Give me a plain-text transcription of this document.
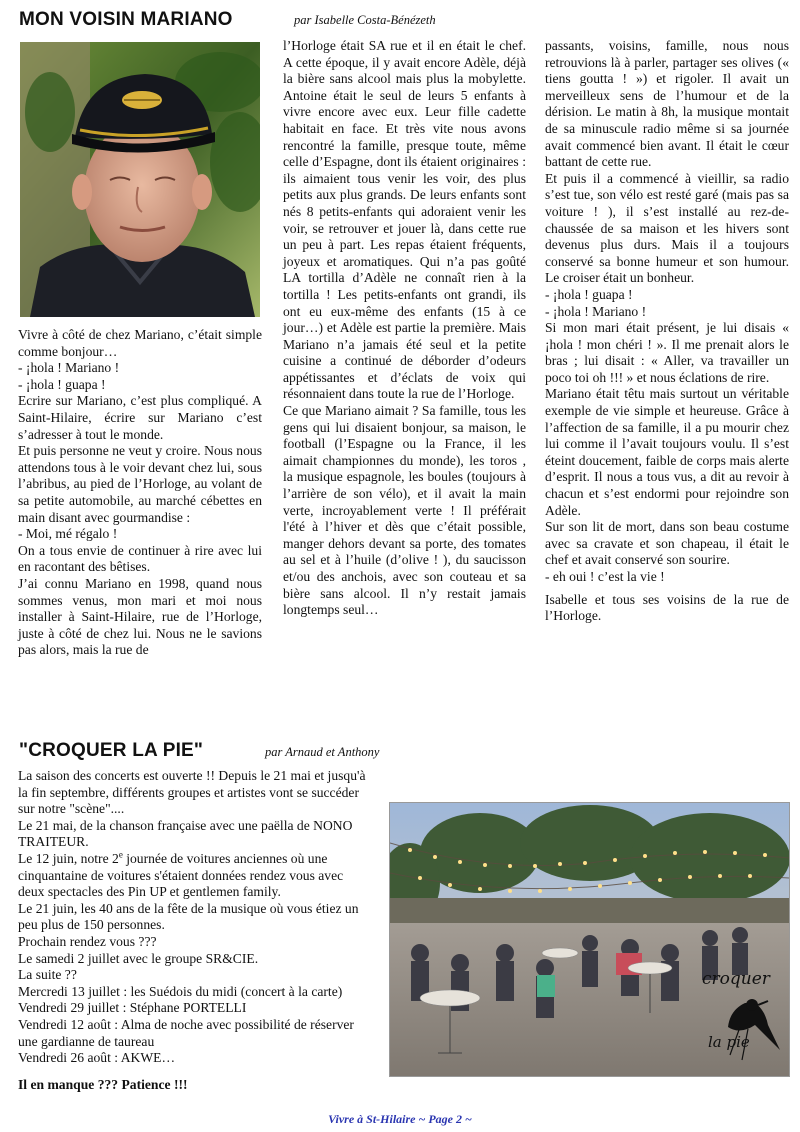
MON VOISIN MARIANO	par Isabelle Costa-Bénézeth

Vivre à côté de chez Mariano, c’était simple comme bonjour…

- ¡hola ! Mariano !

- ¡hola ! guapa !

Ecrire sur Mariano, c’est plus compliqué. A Saint-Hilaire, écrire sur Mariano c’est s’adresser à tout le monde.

Et puis personne ne veut y croire. Nous nous attendons tous à le voir devant chez lui, sous l’abribus, au pied de l’Horloge, au volant de sa petite automobile, au marché cébettes en main disant avec gourmandise :

- Moi, mé régalo !

On a tous envie de continuer à rire avec lui en racontant des bêtises.

J’ai connu Mariano en 1998, quand nous sommes venus, mon mari et moi nous installer à Saint-Hilaire, rue de l’Horloge, juste à côté de chez lui. Nous ne le savions pas alors, mais la rue de

l’Horloge était SA rue et il en était le chef. A cette époque, il y avait encore Adèle, déjà la bière sans alcool mais plus la mobylette. Antoine était le seul de leurs 5 enfants à vivre encore avec eux. Leur fille cadette habitait en face. Et très vite nous avons rencontré la famille, presque toute, même celle d’Espagne, dont ils étaient originaires : ils aimaient tous venir les voir, des plus petits aux plus grands. De leurs enfants sont nés 8 petits-enfants qui adoraient venir les voir, se retrouver et jouer là, dans cette rue un peu à part. Les repas étaient fréquents, joyeux et aromatiques. Qui n’a pas goûté LA tortilla d’Adèle ne connaît rien à la tortilla ! Les petits-enfants ont grandi, ils ont eu eux-même des enfants (15 à ce jour…) et Adèle est partie la première. Mais Mariano n’a jamais été seul et la petite cuisine a continué de déborder d’odeurs appétissantes et d’éclats de voix qui résonnaient dans toute la rue de l’Horloge.

Ce que Mariano aimait ? Sa famille, tous les gens qui lui disaient bonjour, sa maison, le football (l’Espagne ou la France, il les aimait championnes du monde), les toros , la musique espagnole, les boules (toujours à l’arrière de son vélo), et il avait la main verte, incroyablement verte ! Il préférait l'été à l’hiver et dès que c’était possible, manger dehors devant sa porte, des tomates au sel et à l’huile (d’olive ! ), du saucisson et/ou des anchois, avec son couteau et sa bière sans alcool. Il n’y restait jamais longtemps seul…

passants, voisins, famille, nous nous retrouvions là à parler, partager ses olives (« tiens goutta ! ») et rigoler. Il avait un merveilleux sens de l’humour et de la dérision. Le matin à 8h, la musique montait de sa minuscule radio même si sa journée avait commencé bien avant. Il était le cœur battant de cette rue.

Et puis il a commencé à vieillir, sa radio s’est tue, son vélo est resté garé (mais pas sa voiture ! ), il s’est installé au rez-de-chaussée de sa maison et les hivers sont devenus plus durs. Mais il a toujours conservé sa bonne humeur et son humour. Le croiser était un bonheur.

- ¡hola ! guapa !

- ¡hola ! Mariano !

Si mon mari était présent, je lui disais « ¡hola ! mon chéri ! ». Il me prenait alors le bras ; lui disait : « Aller, va travailler un poco toi oh !!! » et nous éclations de rire.

Mariano était têtu mais surtout un véritable exemple de vie simple et heureuse. Grâce à l’affection de sa famille, il a pu mourir chez lui comme il l’avait toujours voulu. Il s’est éteint doucement, faible de corps mais alerte d’esprit. Il nous a tous vus, a dit au revoir à chacun et s’est endormi pour rejoindre son Adèle.

Sur son lit de mort, dans son beau costume avec sa cravate et son chapeau, il était le chef et avait conservé son sourire.

- eh oui ! c’est la vie !

Isabelle et tous ses voisins de la rue de l’Horloge.

"CROQUER LA PIE"	par Arnaud et Anthony

La saison des concerts est ouverte !! Depuis le 21 mai et jusqu'à la fin septembre, différents groupes et artistes vont se succéder sur notre "scène"....

Le 21 mai, de la chanson française avec une paëlla de NONO TRAITEUR.

Le 12 juin, notre 2e journée de voitures anciennes où une cinquantaine de voitures s'étaient données rendez vous avec deux spectacles des Pin UP et gentlemen family.

Le 21 juin, les 40 ans de la fête de la musique où vous étiez un peu plus de 150 personnes.

Prochain rendez vous ???

Le samedi 2 juillet avec le groupe SR&CIE.

La suite ??

Mercredi 13 juillet : les Suédois du midi (concert à la carte)

Vendredi 29 juillet : Stéphane PORTELLI

Vendredi 12 août : Alma de noche avec possibilité de réserver une gardianne de taureau

Vendredi 26 août : AKWE…

Il en manque ??? Patience !!!

croquer
la pie
Vivre à St-Hilaire ~ Page 2 ~
